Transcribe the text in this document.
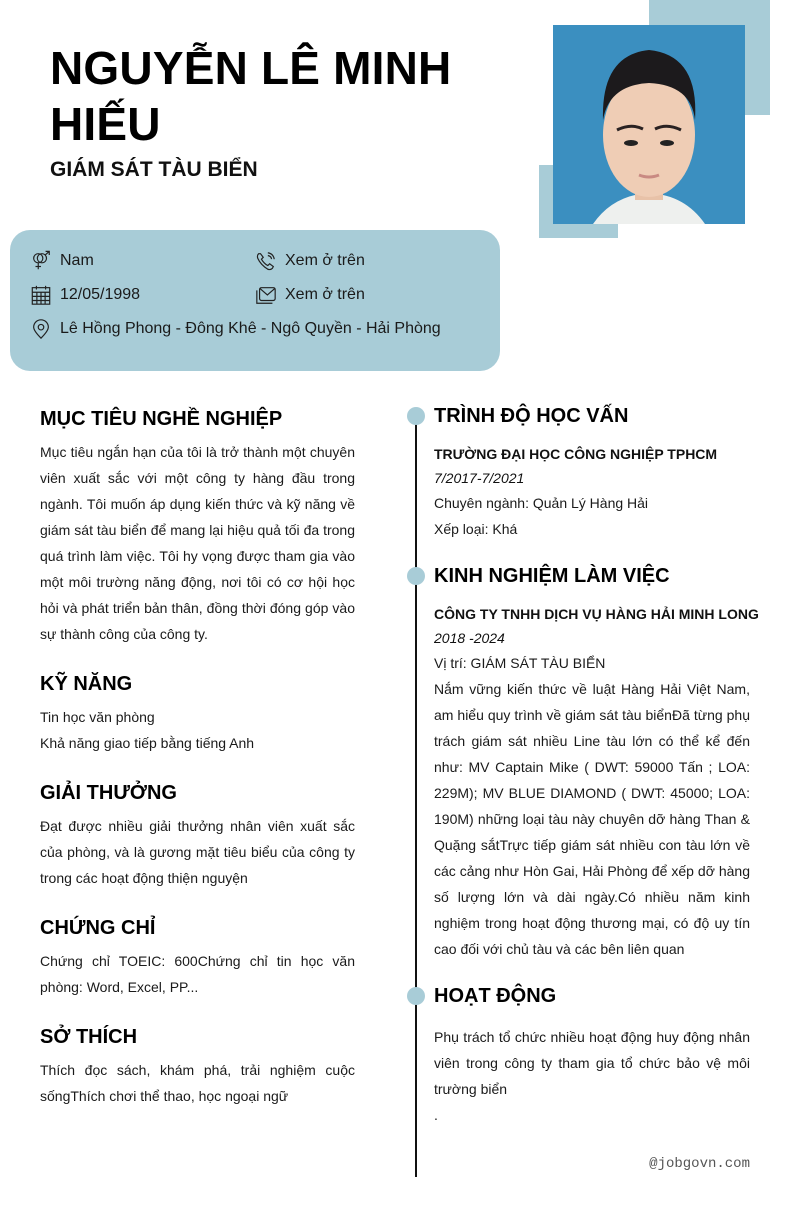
NGUYỄN LÊ MINH HIẾU
GIÁM SÁT TÀU BIỂN
Nam	Xem ở trên
12/05/1998	Xem ở trên
Lê Hồng Phong - Đông Khê - Ngô Quyền - Hải Phòng
MỤC TIÊU NGHỀ NGHIỆP
Mục tiêu ngắn hạn của tôi là trở thành một chuyên viên xuất sắc với một công ty hàng đầu trong ngành. Tôi muốn áp dụng kiến thức và kỹ năng về giám sát tàu biển để mang lại hiệu quả tối đa trong quá trình làm việc. Tôi hy vọng được tham gia vào một môi trường năng động, nơi tôi có cơ hội học hỏi và phát triển bản thân, đồng thời đóng góp vào sự thành công của công ty.
KỸ NĂNG
Tin học văn phòng
Khả năng giao tiếp bằng tiếng Anh
GIẢI THƯỞNG
Đạt được nhiều giải thưởng nhân viên xuất sắc của phòng, và là gương mặt tiêu biểu của công ty trong các hoạt động thiện nguyện
CHỨNG CHỈ
Chứng chỉ TOEIC: 600Chứng chỉ tin học văn phòng: Word, Excel, PP...
SỞ THÍCH
Thích đọc sách, khám phá, trải nghiệm cuộc sốngThích chơi thể thao, học ngoại ngữ
TRÌNH ĐỘ HỌC VẤN
TRƯỜNG ĐẠI HỌC CÔNG NGHIỆP TPHCM
7/2017-7/2021
Chuyên ngành: Quản Lý Hàng Hải
Xếp loại: Khá
KINH NGHIỆM LÀM VIỆC
CÔNG TY TNHH DỊCH VỤ HÀNG HẢI MINH LONG
2018 -2024
Vị trí: GIÁM SÁT TÀU BIỂN
Nắm vững kiến thức về luật Hàng Hải Việt Nam, am hiểu quy trình về giám sát tàu biểnĐã từng phụ trách giám sát nhiều Line tàu lớn có thể kể đến như: MV Captain Mike ( DWT: 59000 Tấn ; LOA: 229M); MV BLUE DIAMOND ( DWT: 45000; LOA: 190M) những loại tàu này chuyên dỡ hàng Than & Quặng sắtTrực tiếp giám sát nhiều con tàu lớn về các cảng như Hòn Gai, Hải Phòng để xếp dỡ hàng số lượng lớn và dài ngày.Có nhiều năm kinh nghiệm trong hoạt động thương mại, có độ uy tín cao đối với chủ tàu và các bên liên quan
HOẠT ĐỘNG
Phụ trách tổ chức nhiều hoạt động huy động nhân viên trong công ty tham gia tổ chức bảo vệ môi trường biển
.
@jobgovn.com
